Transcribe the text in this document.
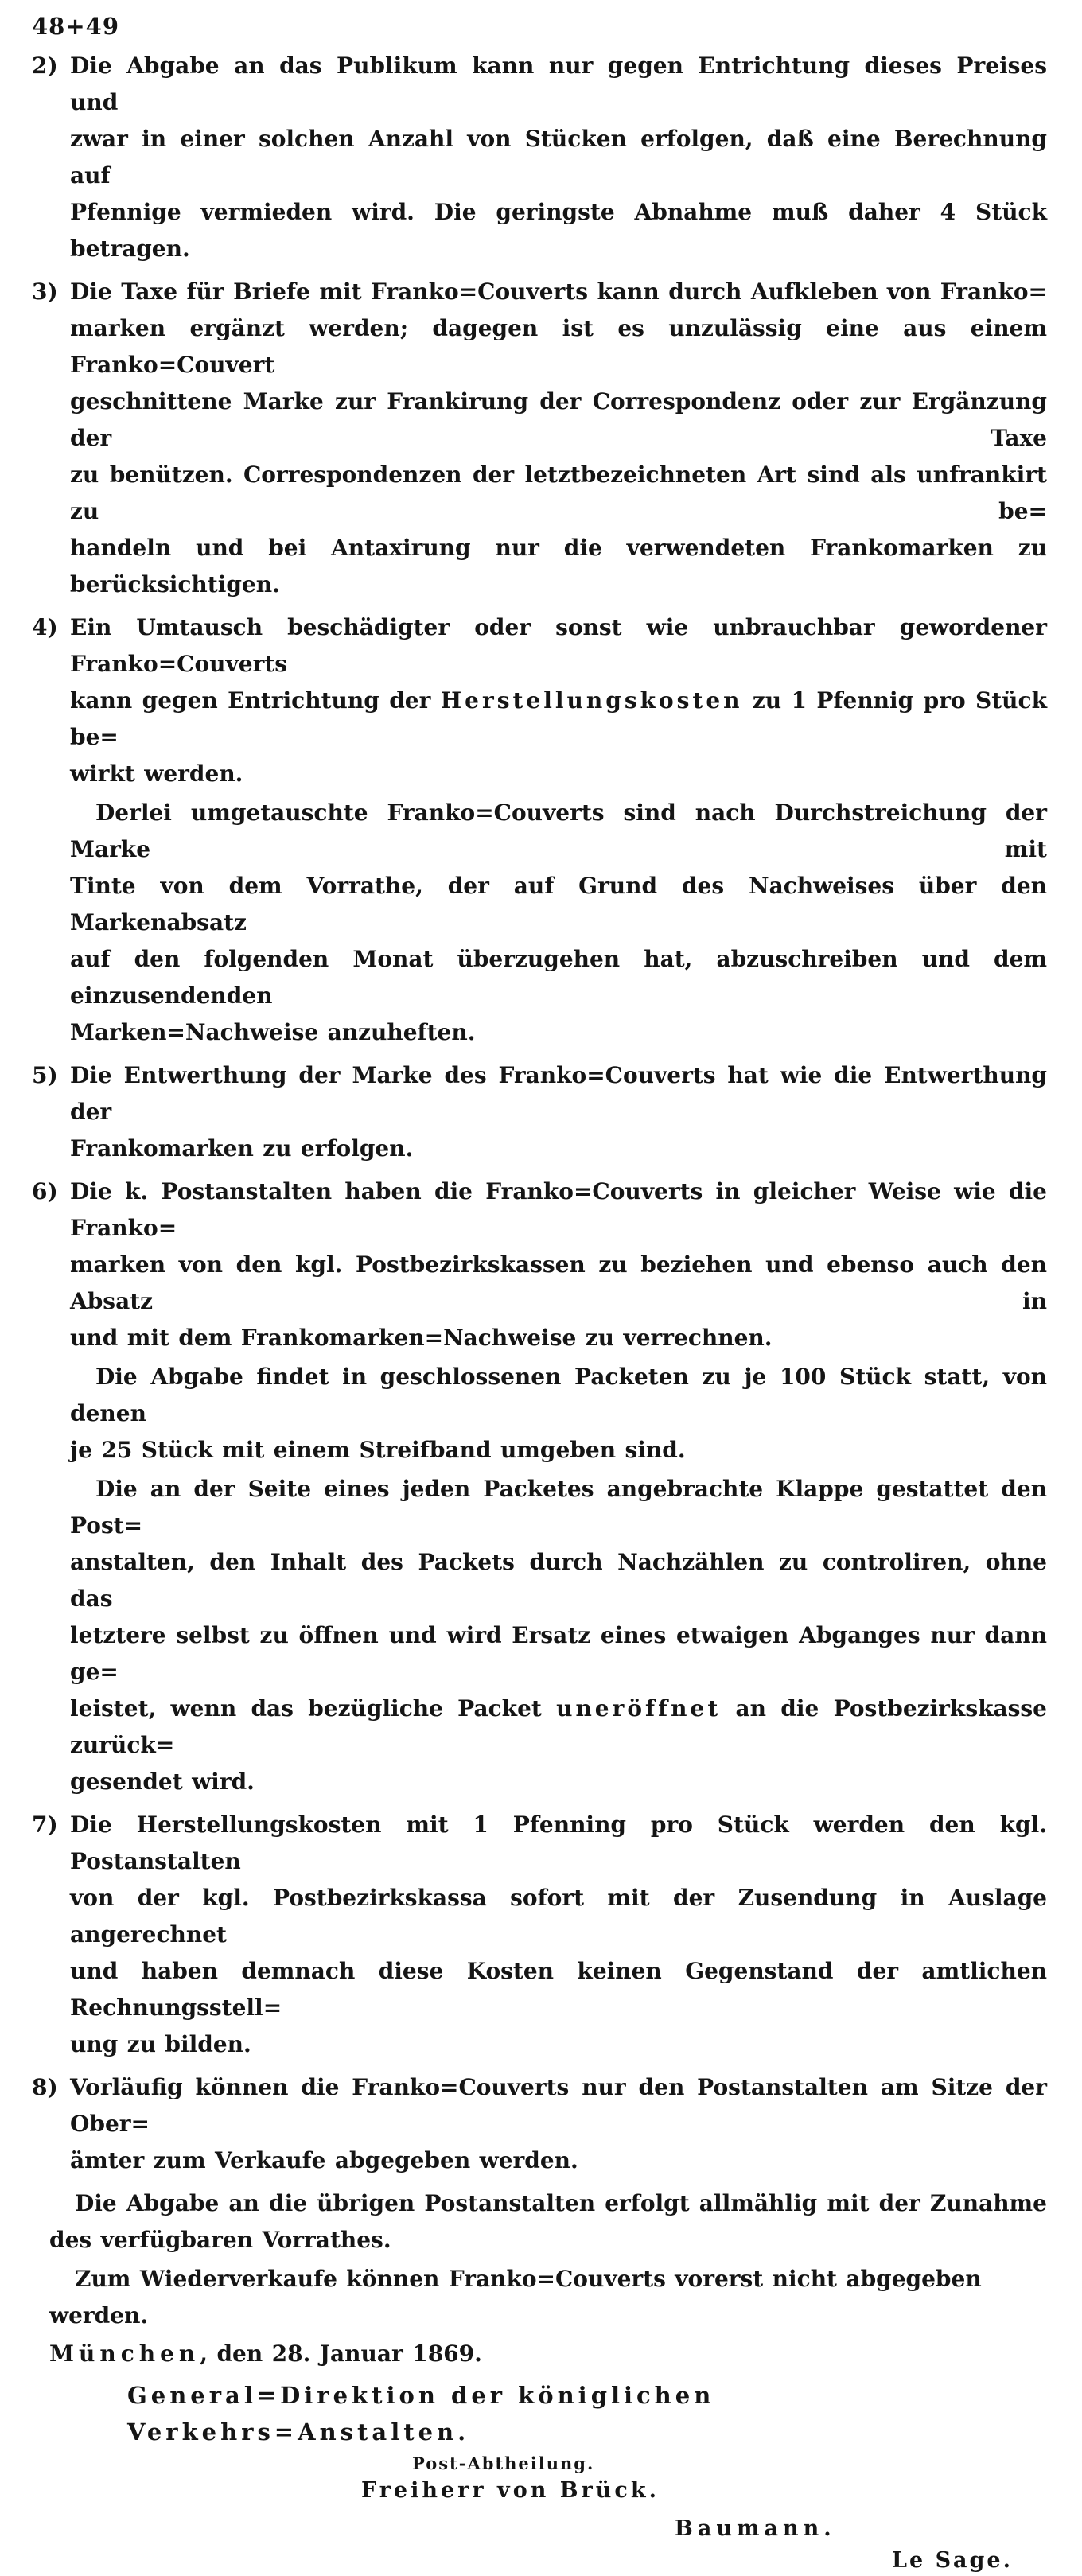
48+49
2) Die Abgabe an das Publikum kann nur gegen Entrichtung dieses Preises und
zwar in einer solchen Anzahl von Stücken erfolgen, daß eine Berechnung auf
Pfennige vermieden wird. Die geringste Abnahme muß daher 4 Stück betragen.
3) Die Taxe für Briefe mit Franko=Couverts kann durch Aufkleben von Franko=
marken ergänzt werden; dagegen ist es unzulässig eine aus einem Franko=Couvert
geschnittene Marke zur Frankirung der Correspondenz oder zur Ergänzung der Taxe
zu benützen. Correspondenzen der letztbezeichneten Art sind als unfrankirt zu be=
handeln und bei Antaxirung nur die verwendeten Frankomarken zu berücksichtigen.
4) Ein Umtausch beschädigter oder sonst wie unbrauchbar gewordener Franko=Couverts
kann gegen Entrichtung der Herstellungskosten zu 1 Pfennig pro Stück be=
wirkt werden.
Derlei umgetauschte Franko=Couverts sind nach Durchstreichung der Marke mit
Tinte von dem Vorrathe, der auf Grund des Nachweises über den Markenabsatz
auf den folgenden Monat überzugehen hat, abzuschreiben und dem einzusendenden
Marken=Nachweise anzuheften.
5) Die Entwerthung der Marke des Franko=Couverts hat wie die Entwerthung der
Frankomarken zu erfolgen.
6) Die k. Postanstalten haben die Franko=Couverts in gleicher Weise wie die Franko=
marken von den kgl. Postbezirkskassen zu beziehen und ebenso auch den Absatz in
und mit dem Frankomarken=Nachweise zu verrechnen.
Die Abgabe findet in geschlossenen Packeten zu je 100 Stück statt, von denen
je 25 Stück mit einem Streifband umgeben sind.
Die an der Seite eines jeden Packetes angebrachte Klappe gestattet den Post=
anstalten, den Inhalt des Packets durch Nachzählen zu controliren, ohne das
letztere selbst zu öffnen und wird Ersatz eines etwaigen Abganges nur dann ge=
leistet, wenn das bezügliche Packet uneröffnet an die Postbezirkskasse zurück=
gesendet wird.
7) Die Herstellungskosten mit 1 Pfenning pro Stück werden den kgl. Postanstalten
von der kgl. Postbezirkskassa sofort mit der Zusendung in Auslage angerechnet
und haben demnach diese Kosten keinen Gegenstand der amtlichen Rechnungsstell=
ung zu bilden.
8) Vorläufig können die Franko=Couverts nur den Postanstalten am Sitze der Ober=
ämter zum Verkaufe abgegeben werden.
Die Abgabe an die übrigen Postanstalten erfolgt allmählig mit der Zunahme
des verfügbaren Vorrathes.
Zum Wiederverkaufe können Franko=Couverts vorerst nicht abgegeben werden.
München, den 28. Januar 1869.
General=Direktion der königlichen Verkehrs=Anstalten.
Post-Abtheilung.
Freiherr von Brück.
Baumann.
Le Sage.
